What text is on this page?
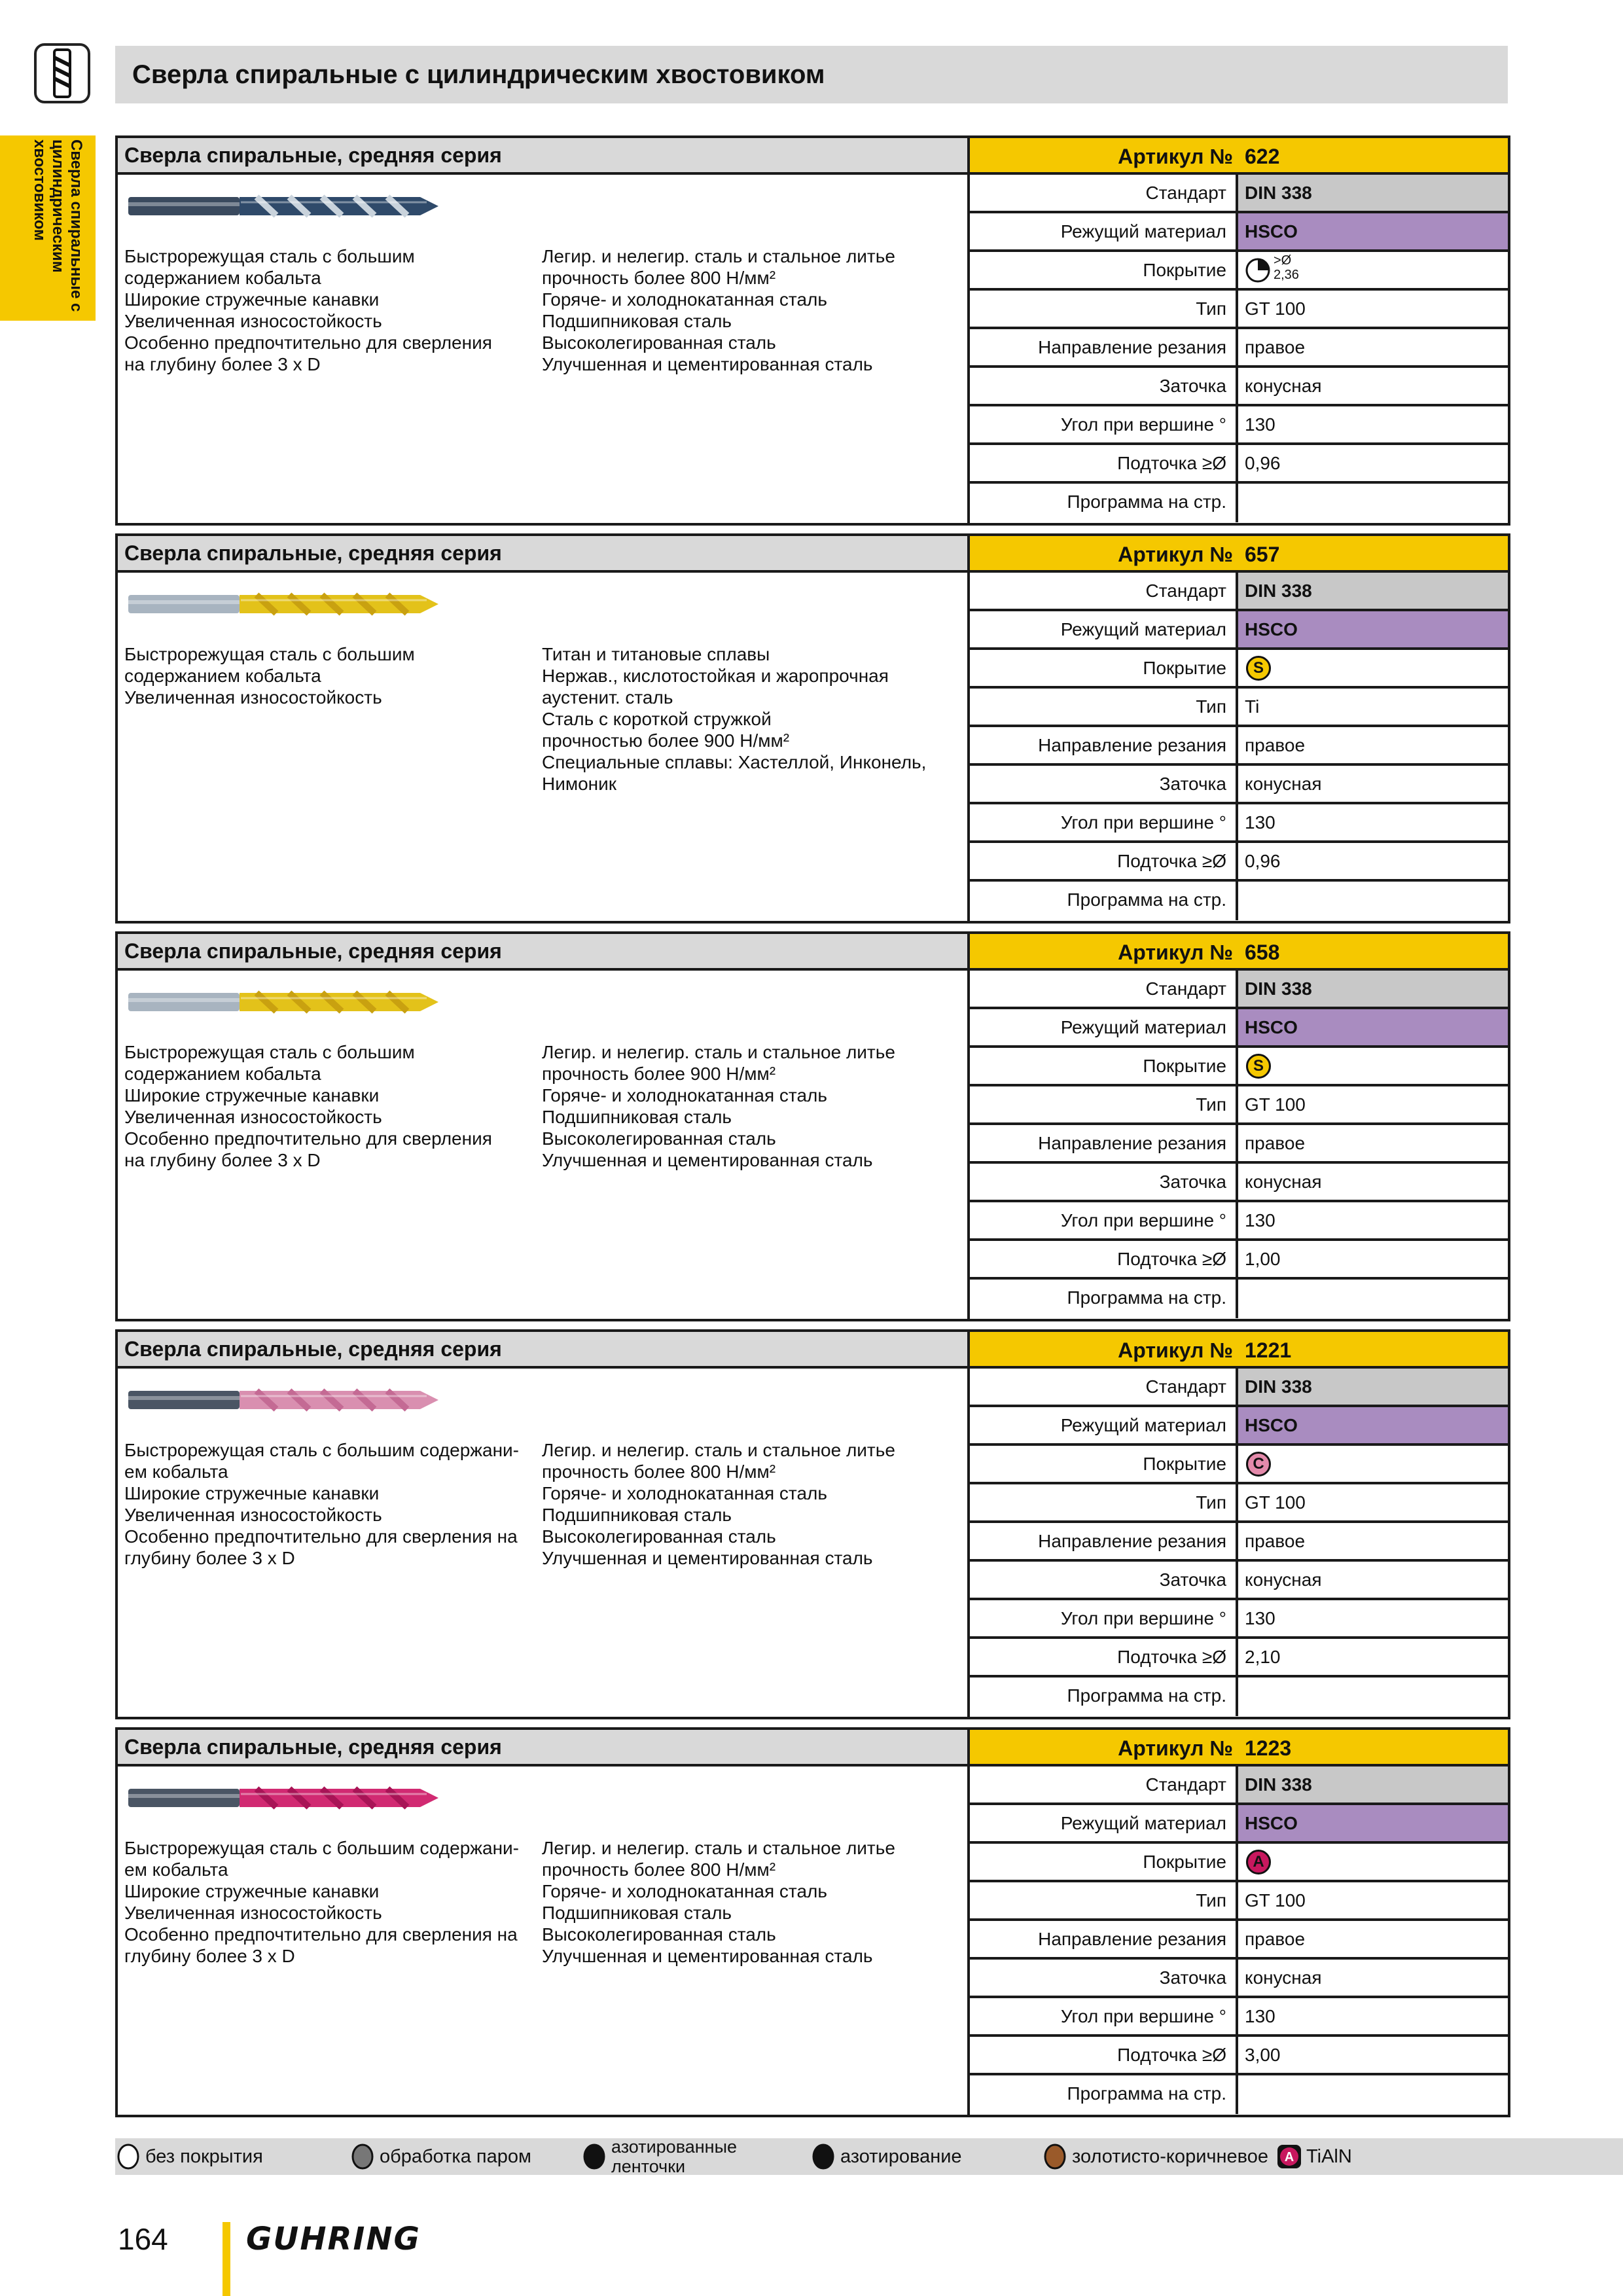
Сверла спиральные с цилиндрическим хвостовиком
Сверла спиральные с цилиндрическим хвостовиком	Сверла спиральные, средняя серия	Артикул № 622
Быстрорежущая сталь с большим
содержанием кобальта
Широкие стружечные канавки
Увеличенная износостойкость
Особенно предпочтительно для сверления
на глубину более 3 x D
Легир. и нелегир. сталь и стальное литье
прочность более 800 Н/мм²
Горяче- и холоднокатанная сталь
Подшипниковая сталь
Высоколегированная сталь
Улучшенная и цементированная сталь
Стандарт	DIN 338
Режущий материал	HSCO
Покрытие	>Ø
2,36
Тип	GT 100
Направление резания	правое
Заточка	конусная
Угол при вершине °	130
Подточка ≥Ø	0,96
Программа на стр.
Сверла спиральные, средняя серия	Артикул № 657
Быстрорежущая сталь с большим
содержанием кобальта
Увеличенная износостойкость
Титан и титановые сплавы
Нержав., кислотостойкая и жаропрочная
аустенит. сталь
Сталь с короткой стружкой
прочностью более 900 Н/мм²
Специальные сплавы: Хастеллой, Инконель,
Нимоник
Стандарт	DIN 338
Режущий материал	HSCO
Покрытие	S
Тип	Ti
Направление резания	правое
Заточка	конусная
Угол при вершине °	130
Подточка ≥Ø	0,96
Программа на стр.
Сверла спиральные, средняя серия	Артикул № 658
Быстрорежущая сталь с большим
содержанием кобальта
Широкие стружечные канавки
Увеличенная износостойкость
Особенно предпочтительно для сверления
на глубину более 3 x D
Легир. и нелегир. сталь и стальное литье
прочность более 900 Н/мм²
Горяче- и холоднокатанная сталь
Подшипниковая сталь
Высоколегированная сталь
Улучшенная и цементированная сталь
Стандарт	DIN 338
Режущий материал	HSCO
Покрытие	S
Тип	GT 100
Направление резания	правое
Заточка	конусная
Угол при вершине °	130
Подточка ≥Ø	1,00
Программа на стр.
Сверла спиральные, средняя серия	Артикул № 1221
Быстрорежущая сталь с большим содержани-
ем кобальта
Широкие стружечные канавки
Увеличенная износостойкость
Особенно предпочтительно для сверления на
глубину более 3 x D
Легир. и нелегир. сталь и стальное литье
прочность более 800 Н/мм²
Горяче- и холоднокатанная сталь
Подшипниковая сталь
Высоколегированная сталь
Улучшенная и цементированная сталь
Стандарт	DIN 338
Режущий материал	HSCO
Покрытие	C
Тип	GT 100
Направление резания	правое
Заточка	конусная
Угол при вершине °	130
Подточка ≥Ø	2,10
Программа на стр.
Сверла спиральные, средняя серия	Артикул № 1223
Быстрорежущая сталь с большим содержани-
ем кобальта
Широкие стружечные канавки
Увеличенная износостойкость
Особенно предпочтительно для сверления на
глубину более 3 x D
Легир. и нелегир. сталь и стальное литье
прочность более 800 Н/мм²
Горяче- и холоднокатанная сталь
Подшипниковая сталь
Высоколегированная сталь
Улучшенная и цементированная сталь
Стандарт	DIN 338
Режущий материал	HSCO
Покрытие	A
Тип	GT 100
Направление резания	правое
Заточка	конусная
Угол при вершине °	130
Подточка ≥Ø	3,00
Программа на стр.
без покрытия	обработка паром	азотированные
ленточки	азотирование	золотисто-коричневое A TiAlN
164 GUHRING
